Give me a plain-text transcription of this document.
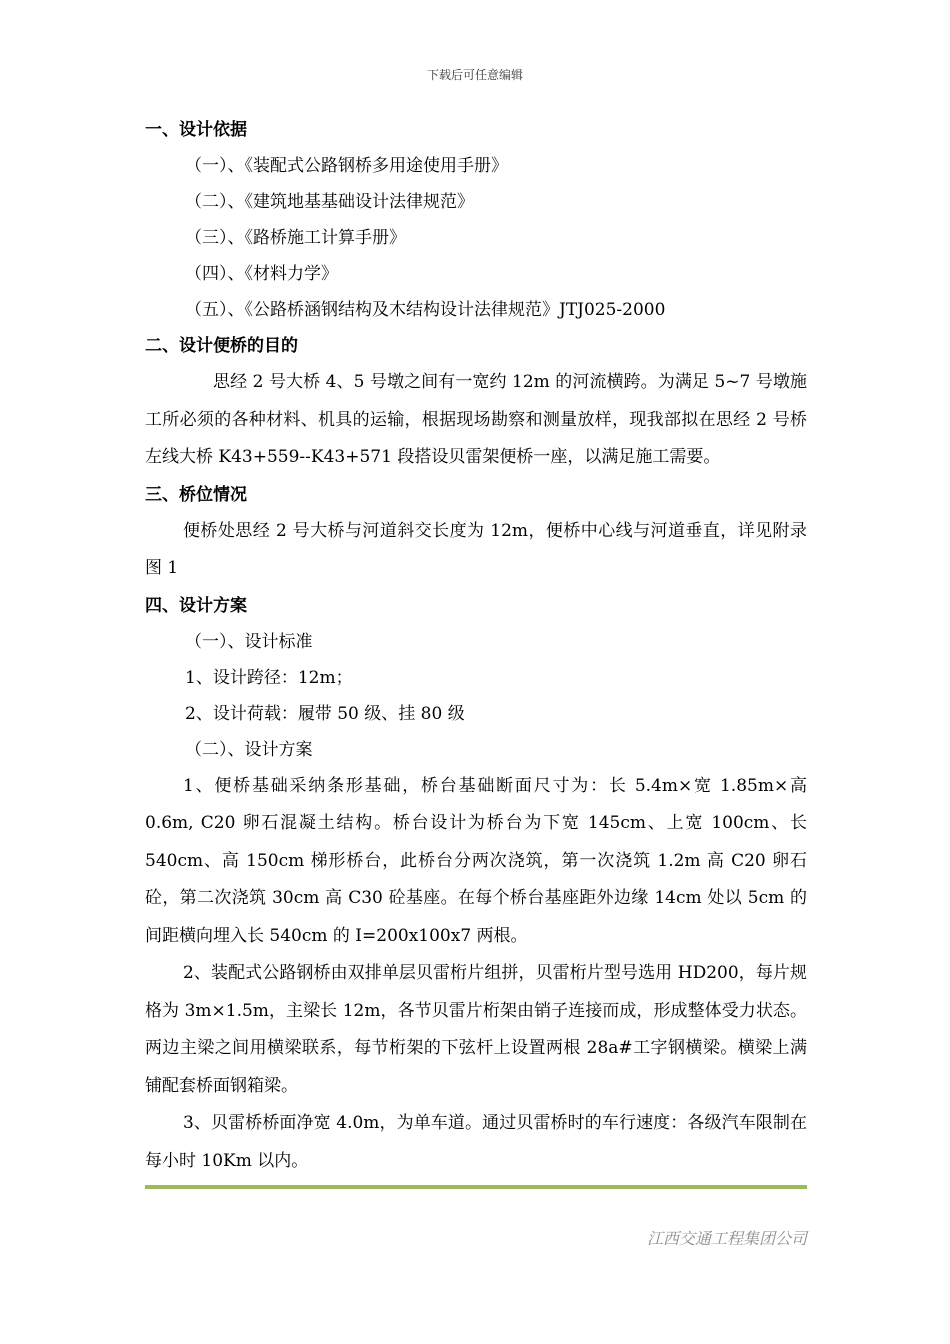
下载后可任意编辑
一、设计依据
（一）、《装配式公路钢桥多用途使用手册》
（二）、《建筑地基基础设计法律规范》
（三）、《路桥施工计算手册》
（四）、《材料力学》
（五）、《公路桥涵钢结构及木结构设计法律规范》JTJ025-2000
二、设计便桥的目的
思经 2 号大桥 4、5 号墩之间有一宽约 12m 的河流横跨。为满足 5~7 号墩施工所必须的各种材料、机具的运输，根据现场勘察和测量放样，现我部拟在思经 2 号桥左线大桥 K43+559--K43+571 段搭设贝雷架便桥一座，以满足施工需要。
三、桥位情况
便桥处思经 2 号大桥与河道斜交长度为 12m，便桥中心线与河道垂直，详见附录图 1
四、设计方案
（一）、设计标准
1、设计跨径：12m；
2、设计荷载：履带 50 级、挂 80 级
（二）、设计方案
1、便桥基础采纳条形基础，桥台基础断面尺寸为：长 5.4m×宽 1.85m×高 0.6m, C20 卵石混凝土结构。桥台设计为桥台为下宽 145cm、上宽 100cm、长 540cm、高 150cm 梯形桥台，此桥台分两次浇筑，第一次浇筑 1.2m 高 C20 卵石砼，第二次浇筑 30cm 高 C30 砼基座。在每个桥台基座距外边缘 14cm 处以 5cm 的间距横向埋入长 540cm 的 I=200x100x7 两根。
2、装配式公路钢桥由双排单层贝雷桁片组拼，贝雷桁片型号选用 HD200，每片规格为 3m×1.5m，主梁长 12m，各节贝雷片桁架由销子连接而成，形成整体受力状态。两边主梁之间用横梁联系，每节桁架的下弦杆上设置两根 28a#工字钢横梁。横梁上满铺配套桥面钢箱梁。
3、贝雷桥桥面净宽 4.0m，为单车道。通过贝雷桥时的车行速度：各级汽车限制在每小时 10Km 以内。
江西交通工程集团公司
